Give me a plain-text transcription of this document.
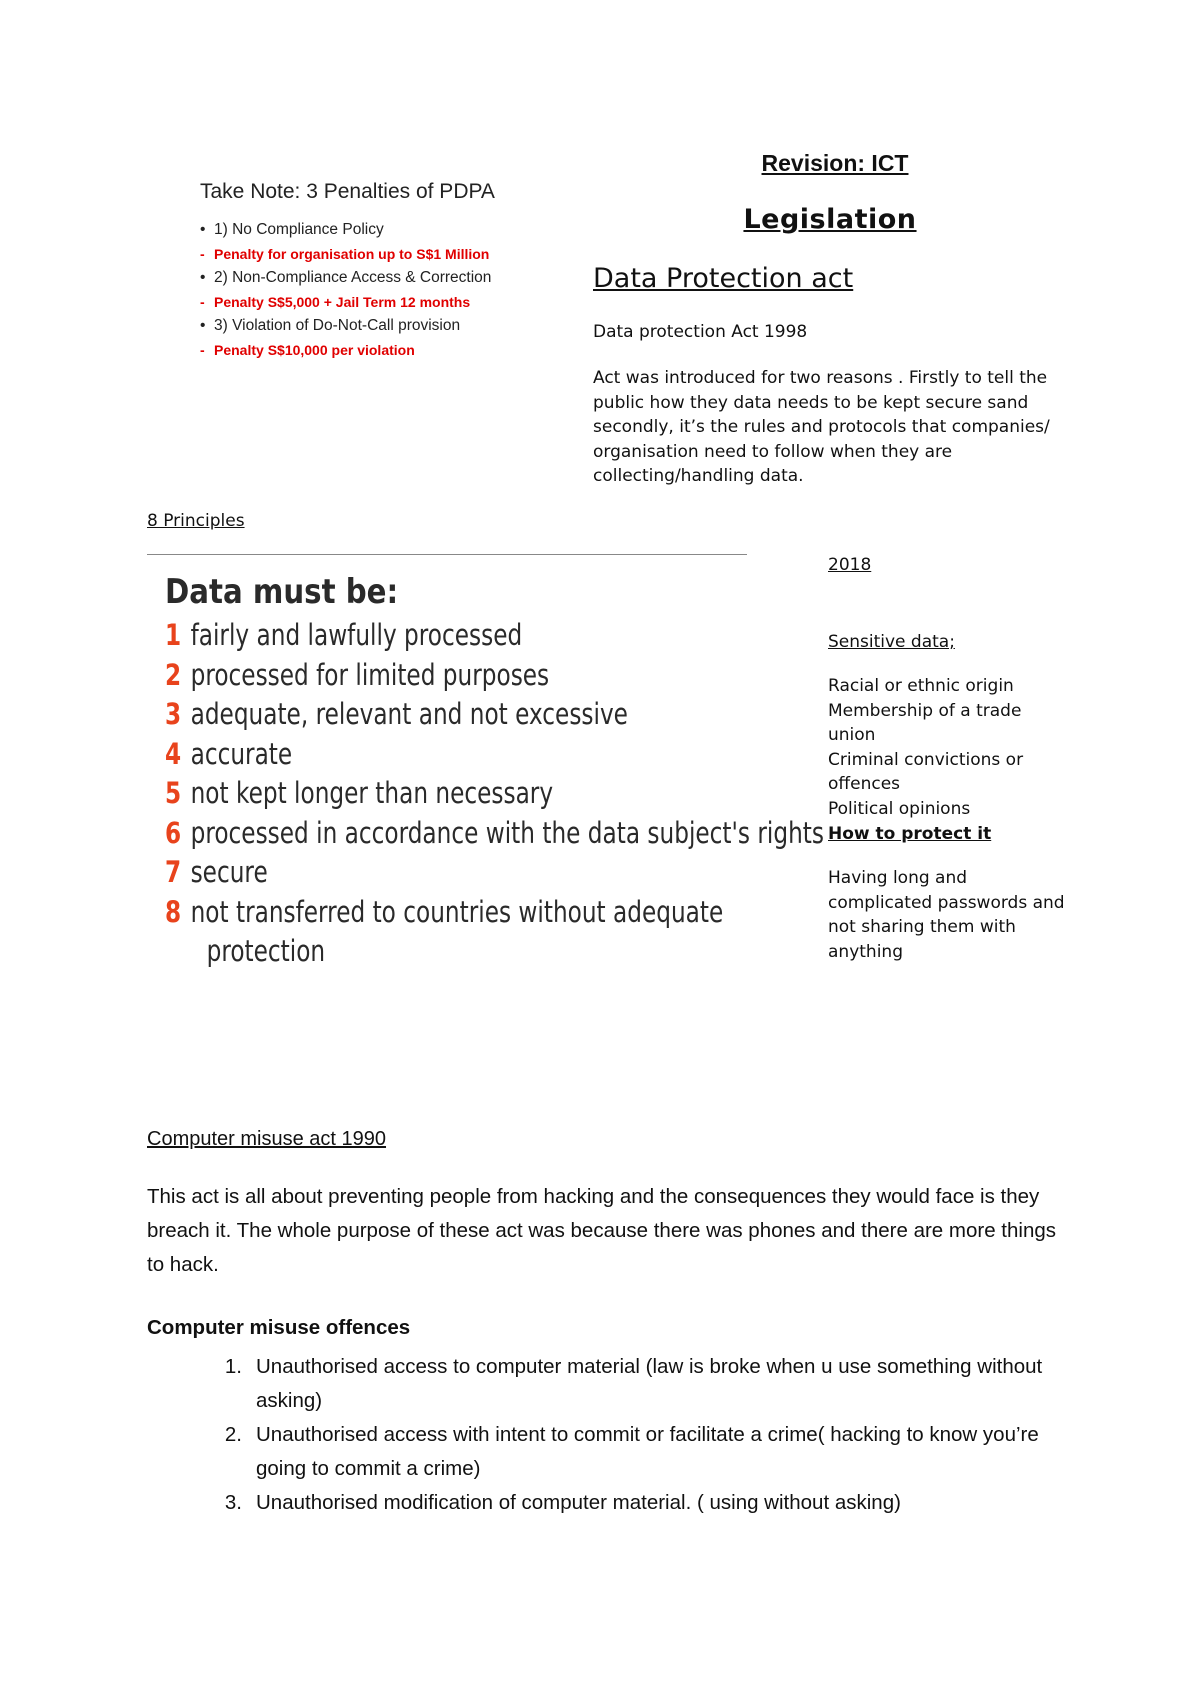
Take Note: 3 Penalties of PDPA
• 1) No Compliance Policy
- Penalty for organisation up to S$1 Million
• 2) Non-Compliance Access & Correction
- Penalty S$5,000 + Jail Term 12 months
• 3) Violation of Do-Not-Call provision
- Penalty S$10,000 per violation
Revision: ICT
Legislation
Data Protection act
Data protection Act 1998
Act was introduced for two reasons . Firstly to tell the public how they data needs to be kept secure sand secondly, it’s the rules and protocols that companies/ organisation need to follow when they are collecting/handling data.
8 Principles
Data must be:
1 fairly and lawfully processed
2 processed for limited purposes
3 adequate, relevant and not excessive
4 accurate
5 not kept longer than necessary
6 processed in accordance with the data subject's rights
7 secure
8 not transferred to countries without adequate
protection
2018
Sensitive data;
Racial or ethnic origin
Membership of a trade union
Criminal convictions or offences
Political opinions
How to protect it
Having long and complicated passwords and not sharing them with anything
Computer misuse act 1990
This act is all about preventing people from hacking and the consequences they would face is they breach it. The whole purpose of these act was because there was phones and there are more things to hack.
Computer misuse offences
1. Unauthorised access to computer material (law is broke when u use something without asking)
2. Unauthorised access with intent to commit or facilitate a crime( hacking to know you’re going to commit a crime)
3. Unauthorised modification of computer material. ( using without asking)
